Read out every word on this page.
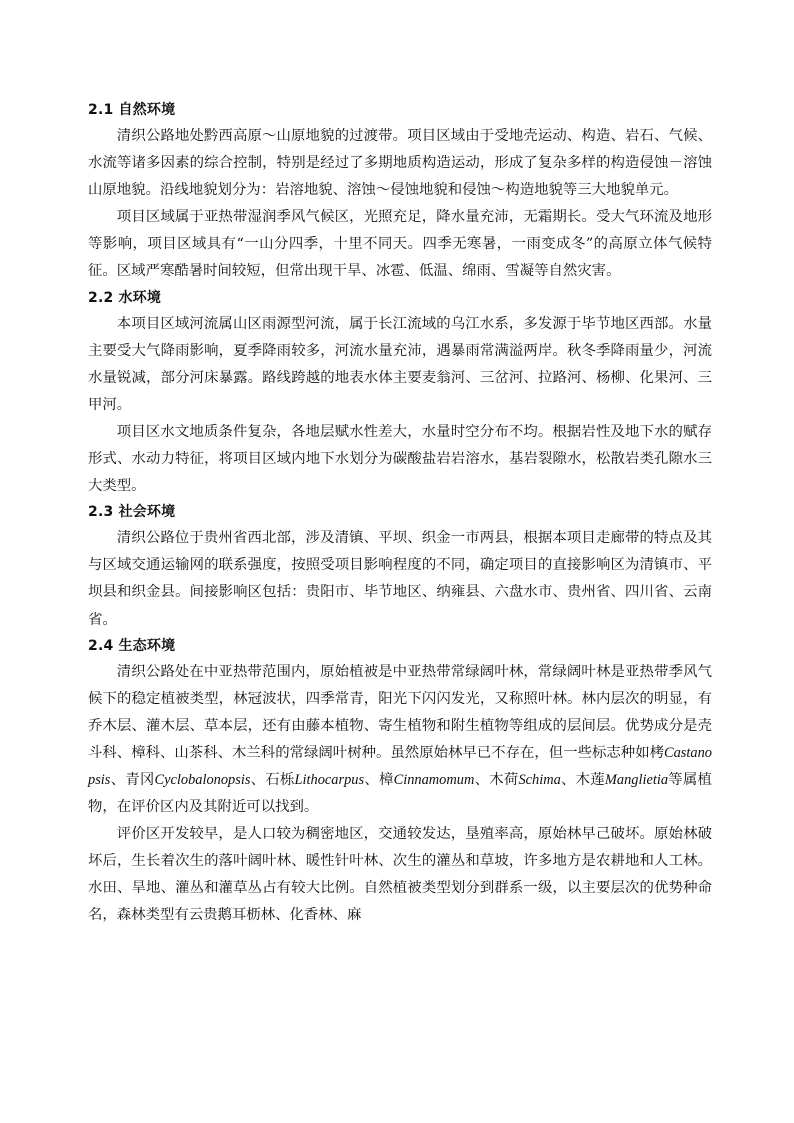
2.1 自然环境

清织公路地处黔西高原～山原地貌的过渡带。项目区域由于受地壳运动、构造、岩石、气候、水流等诸多因素的综合控制，特别是经过了多期地质构造运动，形成了复杂多样的构造侵蚀－溶蚀山原地貌。沿线地貌划分为：岩溶地貌、溶蚀～侵蚀地貌和侵蚀～构造地貌等三大地貌单元。

项目区域属于亚热带湿润季风气候区，光照充足，降水量充沛，无霜期长。受大气环流及地形等影响，项目区域具有“一山分四季，十里不同天。四季无寒暑，一雨变成冬”的高原立体气候特征。区域严寒酷暑时间较短，但常出现干旱、冰雹、低温、绵雨、雪凝等自然灾害。

2.2 水环境

本项目区域河流属山区雨源型河流，属于长江流域的乌江水系，多发源于毕节地区西部。水量主要受大气降雨影响，夏季降雨较多，河流水量充沛，遇暴雨常满溢两岸。秋冬季降雨量少，河流水量锐减，部分河床暴露。路线跨越的地表水体主要麦翁河、三岔河、拉路河、杨柳、化果河、三甲河。

项目区水文地质条件复杂，各地层赋水性差大，水量时空分布不均。根据岩性及地下水的赋存形式、水动力特征，将项目区域内地下水划分为碳酸盐岩岩溶水，基岩裂隙水，松散岩类孔隙水三大类型。

2.3 社会环境

清织公路位于贵州省西北部，涉及清镇、平坝、织金一市两县，根据本项目走廊带的特点及其与区域交通运输网的联系强度，按照受项目影响程度的不同，确定项目的直接影响区为清镇市、平坝县和织金县。间接影响区包括：贵阳市、毕节地区、纳雍县、六盘水市、贵州省、四川省、云南省。

2.4 生态环境

清织公路处在中亚热带范围内，原始植被是中亚热带常绿阔叶林，常绿阔叶林是亚热带季风气候下的稳定植被类型，林冠波状，四季常青，阳光下闪闪发光，又称照叶林。林内层次的明显，有乔木层、灌木层、草本层，还有由藤本植物、寄生植物和附生植物等组成的层间层。优势成分是壳斗科、樟科、山茶科、木兰科的常绿阔叶树种。虽然原始林早已不存在，但一些标志种如栲Castanopsis、青冈Cyclobalonopsis、石栎Lithocarpus、樟Cinnamomum、木荷Schima、木莲Manglietia等属植物，在评价区内及其附近可以找到。

评价区开发较早，是人口较为稠密地区，交通较发达，垦殖率高，原始林早己破坏。原始林破坏后，生长着次生的落叶阔叶林、暖性针叶林、次生的灌丛和草坡，许多地方是农耕地和人工林。水田、旱地、灌丛和灌草丛占有较大比例。自然植被类型划分到群系一级，以主要层次的优势种命名，森林类型有云贵鹅耳枥林、化香林、麻
